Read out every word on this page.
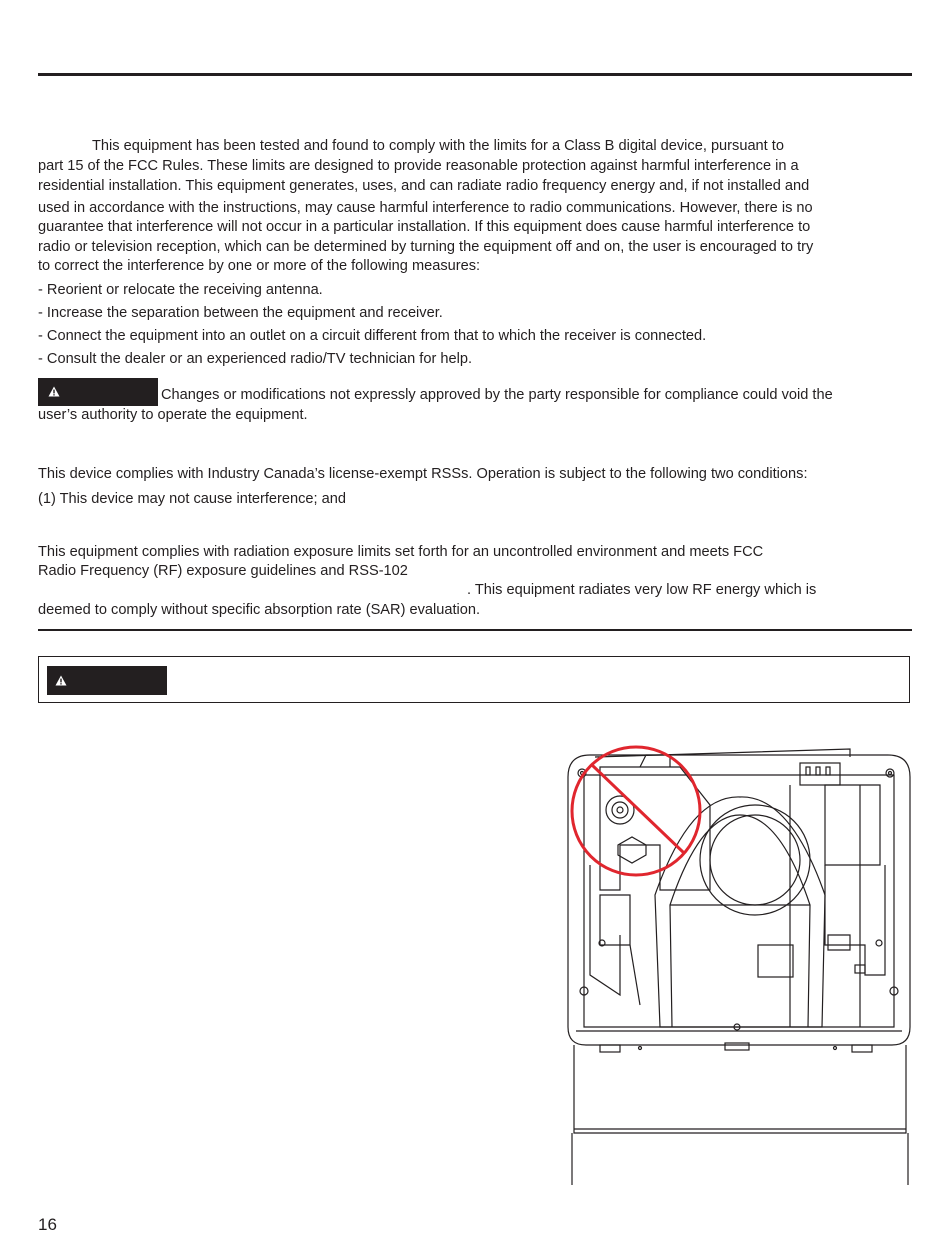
This equipment has been tested and found to comply with the limits for a Class B digital device, pursuant to
part 15 of the FCC Rules. These limits are designed to provide reasonable protection against harmful interference in a
residential installation. This equipment generates, uses, and can radiate radio frequency energy and, if not installed and
used in accordance with the instructions, may cause harmful interference to radio communications. However, there is no
guarantee that interference will not occur in a particular installation. If this equipment does cause harmful interference to
radio or television reception, which can be determined by turning the equipment off and on, the user is encouraged to try
to correct the interference by one or more of the following measures:
- Reorient or relocate the receiving antenna.
- Increase the separation between the equipment and receiver.
- Connect the equipment into an outlet on a circuit different from that to which the receiver is connected.
- Consult the dealer or an experienced radio/TV technician for help.
Changes or modifications not expressly approved by the party responsible for compliance could void the
user’s authority to operate the equipment.
This device complies with Industry Canada’s license-exempt RSSs. Operation is subject to the following two conditions:
(1) This device may not cause interference; and
This equipment complies with radiation exposure limits set forth for an uncontrolled environment and meets FCC
Radio Frequency (RF) exposure guidelines and RSS-102
. This equipment radiates very low RF energy which is
deemed to comply without specific absorption rate (SAR) evaluation.
16
